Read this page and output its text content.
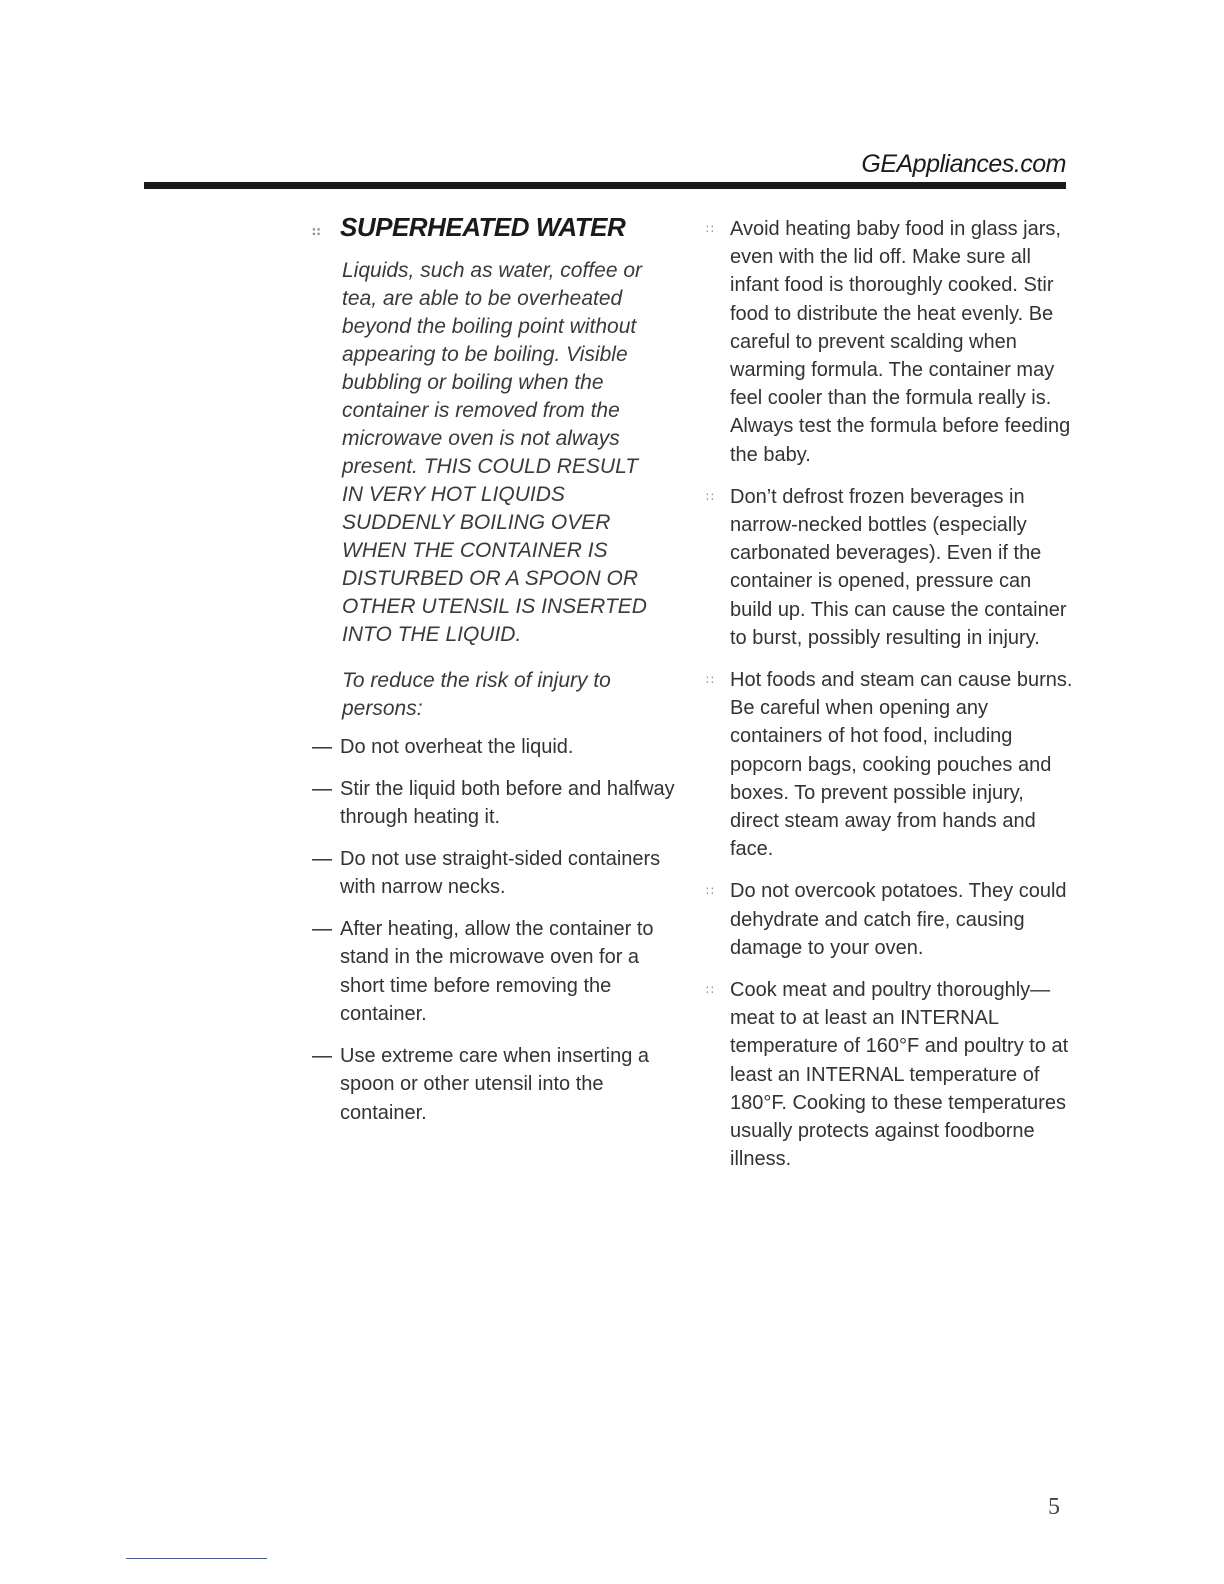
GEAppliances.com
∷ SUPERHEATED WATER

Liquids, such as water, coffee or tea, are able to be overheated beyond the boiling point without appearing to be boiling. Visible bubbling or boiling when the container is removed from the microwave oven is not always present. THIS COULD RESULT IN VERY HOT LIQUIDS SUDDENLY BOILING OVER WHEN THE CONTAINER IS DISTURBED OR A SPOON OR OTHER UTENSIL IS INSERTED INTO THE LIQUID.

To reduce the risk of injury to persons:

— Do not overheat the liquid.
— Stir the liquid both before and halfway through heating it.
— Do not use straight-sided containers with narrow necks.
— After heating, allow the container to stand in the microwave oven for a short time before removing the container.
— Use extreme care when inserting a spoon or other utensil into the container.
∷ Avoid heating baby food in glass jars, even with the lid off. Make sure all infant food is thoroughly cooked. Stir food to distribute the heat evenly. Be careful to prevent scalding when warming formula. The container may feel cooler than the formula really is. Always test the formula before feeding the baby.
∷ Don’t defrost frozen beverages in narrow-necked bottles (especially carbonated beverages). Even if the container is opened, pressure can build up. This can cause the container to burst, possibly resulting in injury.
∷ Hot foods and steam can cause burns. Be careful when opening any containers of hot food, including popcorn bags, cooking pouches and boxes. To prevent possible injury, direct steam away from hands and face.
∷ Do not overcook potatoes. They could dehydrate and catch fire, causing damage to your oven.
∷ Cook meat and poultry thoroughly—meat to at least an INTERNAL temperature of 160°F and poultry to at least an INTERNAL temperature of 180°F. Cooking to these temperatures usually protects against foodborne illness.
5
